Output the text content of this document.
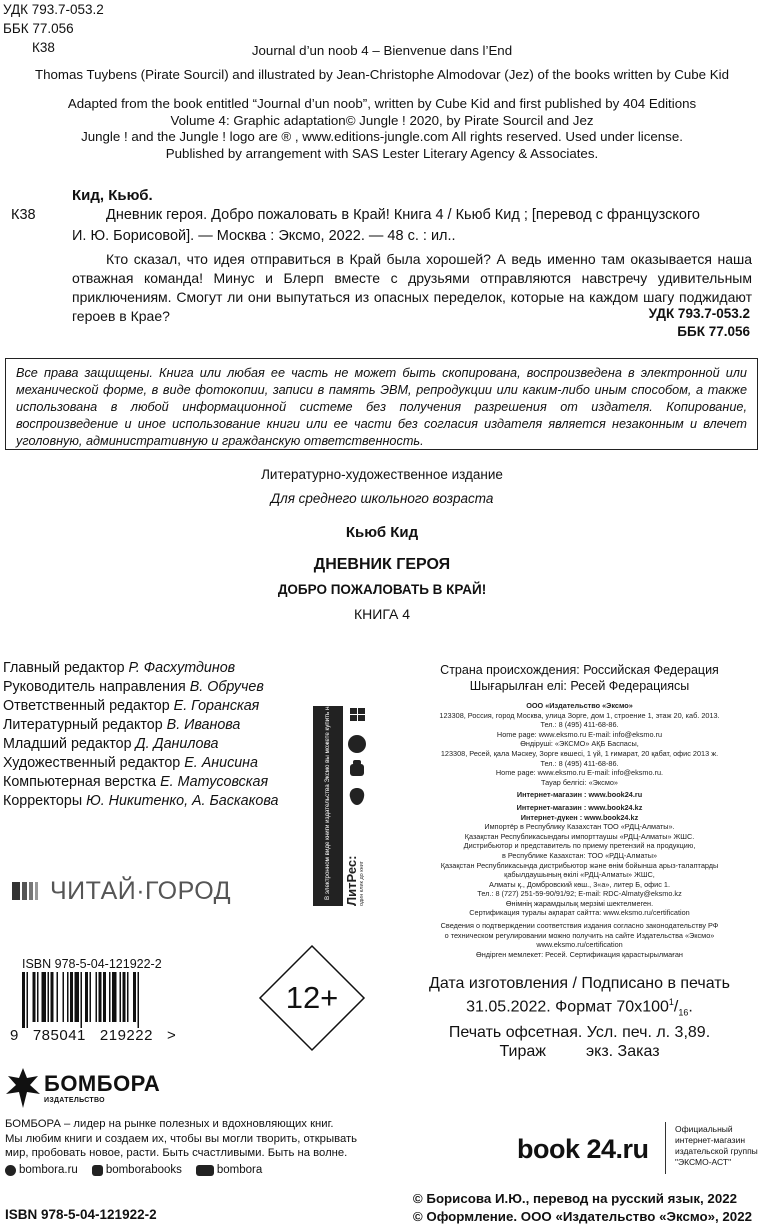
УДК 793.7-053.2
ББК 77.056
К38	Journal d’un noob 4 – Bienvenue dans l’End
Thomas Tuybens (Pirate Sourcil) and illustrated by Jean-Christophe Almodovar (Jez) of the books written by Cube Kid
Adapted from the book entitled “Journal d’un noob”, written by Cube Kid and first published by 404 Editions
Volume 4: Graphic adaptation© Jungle ! 2020, by Pirate Sourcil and Jez
Jungle ! and the Jungle ! logo are ® , www.editions-jungle.com All rights reserved. Used under license.
Published by arrangement with SAS Lester Literary Agency & Associates.
Кид, Кьюб.
К38	Дневник героя. Добро пожаловать в Край! Книга 4 / Кьюб Кид ; [перевод с французского
И. Ю. Борисовой]. — Москва : Эксмо, 2022. — 48 с. : ил..
Кто сказал, что идея отправиться в Край была хорошей? А ведь именно там оказывается наша отважная команда! Минус и Блерп вместе с друзьями отправляются навстречу удивительным приключениям. Смогут ли они выпутаться из опасных переделок, которые на каждом шагу поджидают героев в Крае?	УДК 793.7-053.2
ББК 77.056
Все права защищены. Книга или любая ее часть не может быть скопирована, воспроизведена в электронной или механической форме, в виде фотокопии, записи в память ЭВМ, репродукции или каким-либо иным способом, а также использована в любой информационной системе без получения разрешения от издателя. Копирование, воспроизведение и иное использование книги или ее части без согласия издателя является незаконным и влечет уголовную, административную и гражданскую ответственность.
Литературно-художественное издание
Для среднего школьного возраста
Кьюб Кид
ДНЕВНИК ГЕРОЯ
ДОБРО ПОЖАЛОВАТЬ В КРАЙ!
КНИГА 4
Главный редактор Р. Фасхутдинов
Руководитель направления В. Обручев
Ответственный редактор Е. Горанская
Литературный редактор В. Иванова
Младший редактор Д. Данилова
Художественный редактор Е. Анисина
Компьютерная верстка Е. Матусовская
Корректоры Ю. Никитенко, А. Баскакова	В электронном виде книги издательства Эксмо вы можете купить на www.litres.ru ЛитРес: один клик до книг
ЧИТАЙ·ГОРОД
Страна происхождения: Российская Федерация
Шығарылған елі: Ресей Федерациясы
ООО «Издательство «Эксмо»
123308, Россия, город Москва, улица Зорге, дом 1, строение 1, этаж 20, каб. 2013.
Тел.: 8 (495) 411-68-86.
Home page: www.eksmo.ru E-mail: info@eksmo.ru
Өндіруші: «ЭКСМО» АҚБ Баспасы,
123308, Ресей, қала Мәскеу, Зорге көшесі, 1 үй, 1 ғимарат, 20 қабат, офис 2013 ж.
Тел.: 8 (495) 411-68-86.
Home page: www.eksmo.ru E-mail: info@eksmo.ru.
Тауар белгісі: «Эксмо»
Интернет-магазин : www.book24.ru
Интернет-магазин : www.book24.kz
Интернет-дүкен : www.book24.kz
Импортёр в Республику Казахстан ТОО «РДЦ-Алматы».
Қазақстан Республикасындағы импорттаушы «РДЦ-Алматы» ЖШС.
Дистрибьютор и представитель по приему претензий на продукцию,
в Республике Казахстан: ТОО «РДЦ-Алматы»
Қазақстан Республикасында дистрибьютор және өнім бойынша арыз-талаптарды
қабылдаушының өкілі «РДЦ-Алматы» ЖШС,
Алматы қ., Домбровский көш., 3«а», литер Б, офис 1.
Тел.: 8 (727) 251-59-90/91/92; E-mail: RDC-Almaty@eksmo.kz
Өнімнің жарамдылық мерзімі шектелмеген.
Сертификация туралы ақпарат сайтта: www.eksmo.ru/certification
Сведения о подтверждении соответствия издания согласно законодательству РФ
о техническом регулировании можно получить на сайте Издательства «Эксмо»
www.eksmo.ru/certification
Өндірген мемлекет: Ресей. Сертификация қарастырылмаған
Дата изготовления / Подписано в печать
31.05.2022. Формат $70х100^1/_{16}$.
Печать офсетная. Усл. печ. л. 3,89.
Тираж	экз. Заказ
ISBN 978-5-04-121922-2
9   785041   219222   >
12+
БОМБОРА
ИЗДАТЕЛЬСТВО
БОМБОРА – лидер на рынке полезных и вдохновляющих книг.
Мы любим книги и создаем их, чтобы вы могли творить, открывать
мир, пробовать новое, расти. Быть счастливыми. Быть на волне.
bombora.ru bomborabooks	bombora
book 24.ru
Официальный
интернет-магазин
издательской группы
"ЭКСМО-АСТ"
ISBN 978-5-04-121922-2
© Борисова И.Ю., перевод на русский язык, 2022
© Оформление. ООО «Издательство «Эксмо», 2022
